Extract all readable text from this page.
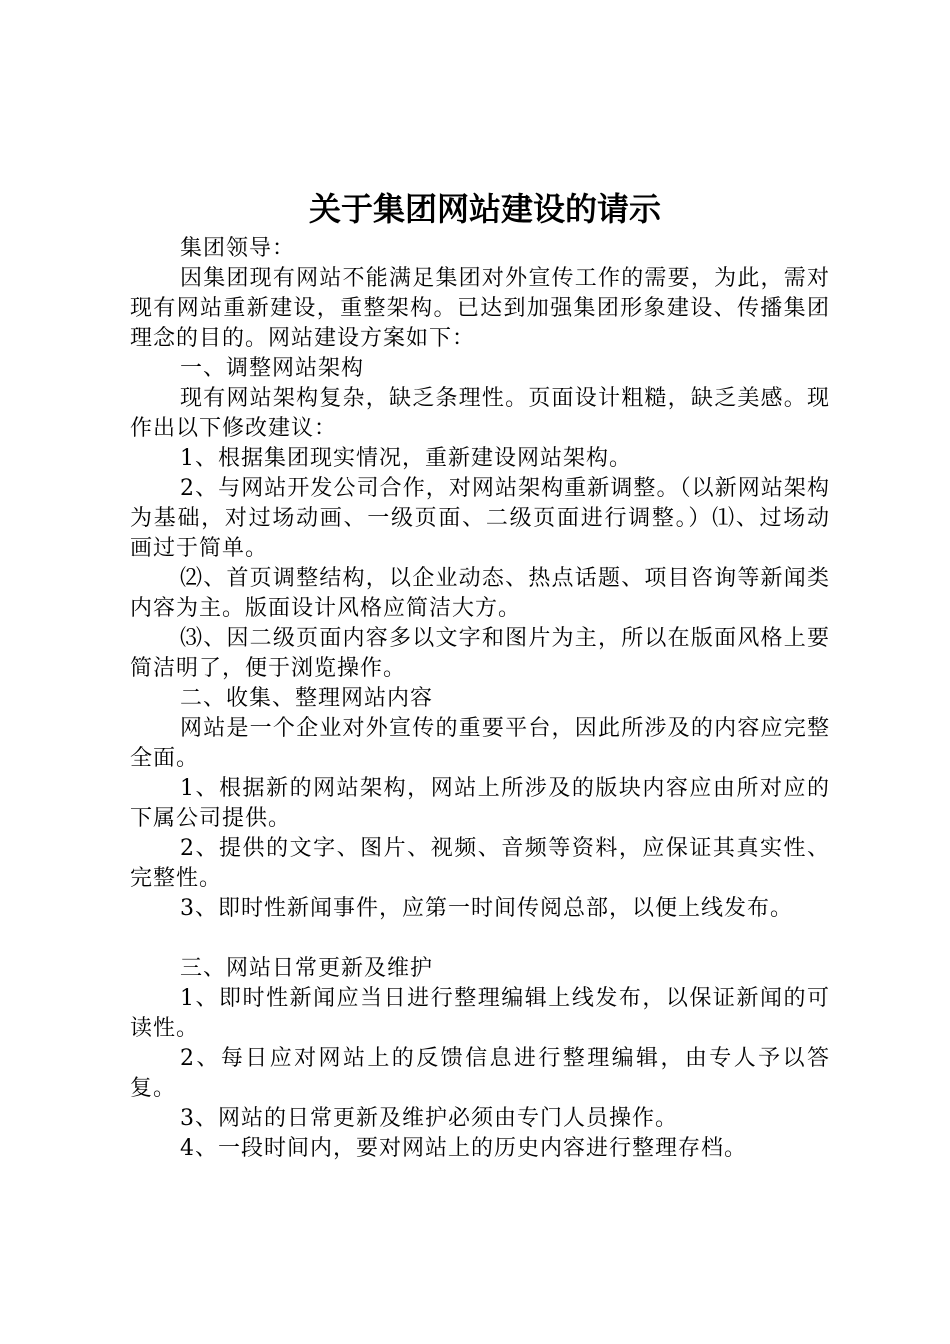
关于集团网站建设的请示

集团领导：

因集团现有网站不能满足集团对外宣传工作的需要，为此，需对现有网站重新建设，重整架构。已达到加强集团形象建设、传播集团理念的目的。网站建设方案如下：

一、调整网站架构

现有网站架构复杂，缺乏条理性。页面设计粗糙，缺乏美感。现作出以下修改建议：

1、根据集团现实情况，重新建设网站架构。

2、与网站开发公司合作，对网站架构重新调整。（以新网站架构为基础，对过场动画、一级页面、二级页面进行调整。）⑴、过场动画过于简单。

⑵、首页调整结构，以企业动态、热点话题、项目咨询等新闻类内容为主。版面设计风格应简洁大方。

⑶、因二级页面内容多以文字和图片为主，所以在版面风格上要简洁明了，便于浏览操作。

二、收集、整理网站内容

网站是一个企业对外宣传的重要平台，因此所涉及的内容应完整全面。

1、根据新的网站架构，网站上所涉及的版块内容应由所对应的下属公司提供。

2、提供的文字、图片、视频、音频等资料，应保证其真实性、完整性。

3、即时性新闻事件，应第一时间传阅总部，以便上线发布。

三、网站日常更新及维护

1、即时性新闻应当日进行整理编辑上线发布，以保证新闻的可读性。

2、每日应对网站上的反馈信息进行整理编辑，由专人予以答复。

3、网站的日常更新及维护必须由专门人员操作。

4、一段时间内，要对网站上的历史内容进行整理存档。
